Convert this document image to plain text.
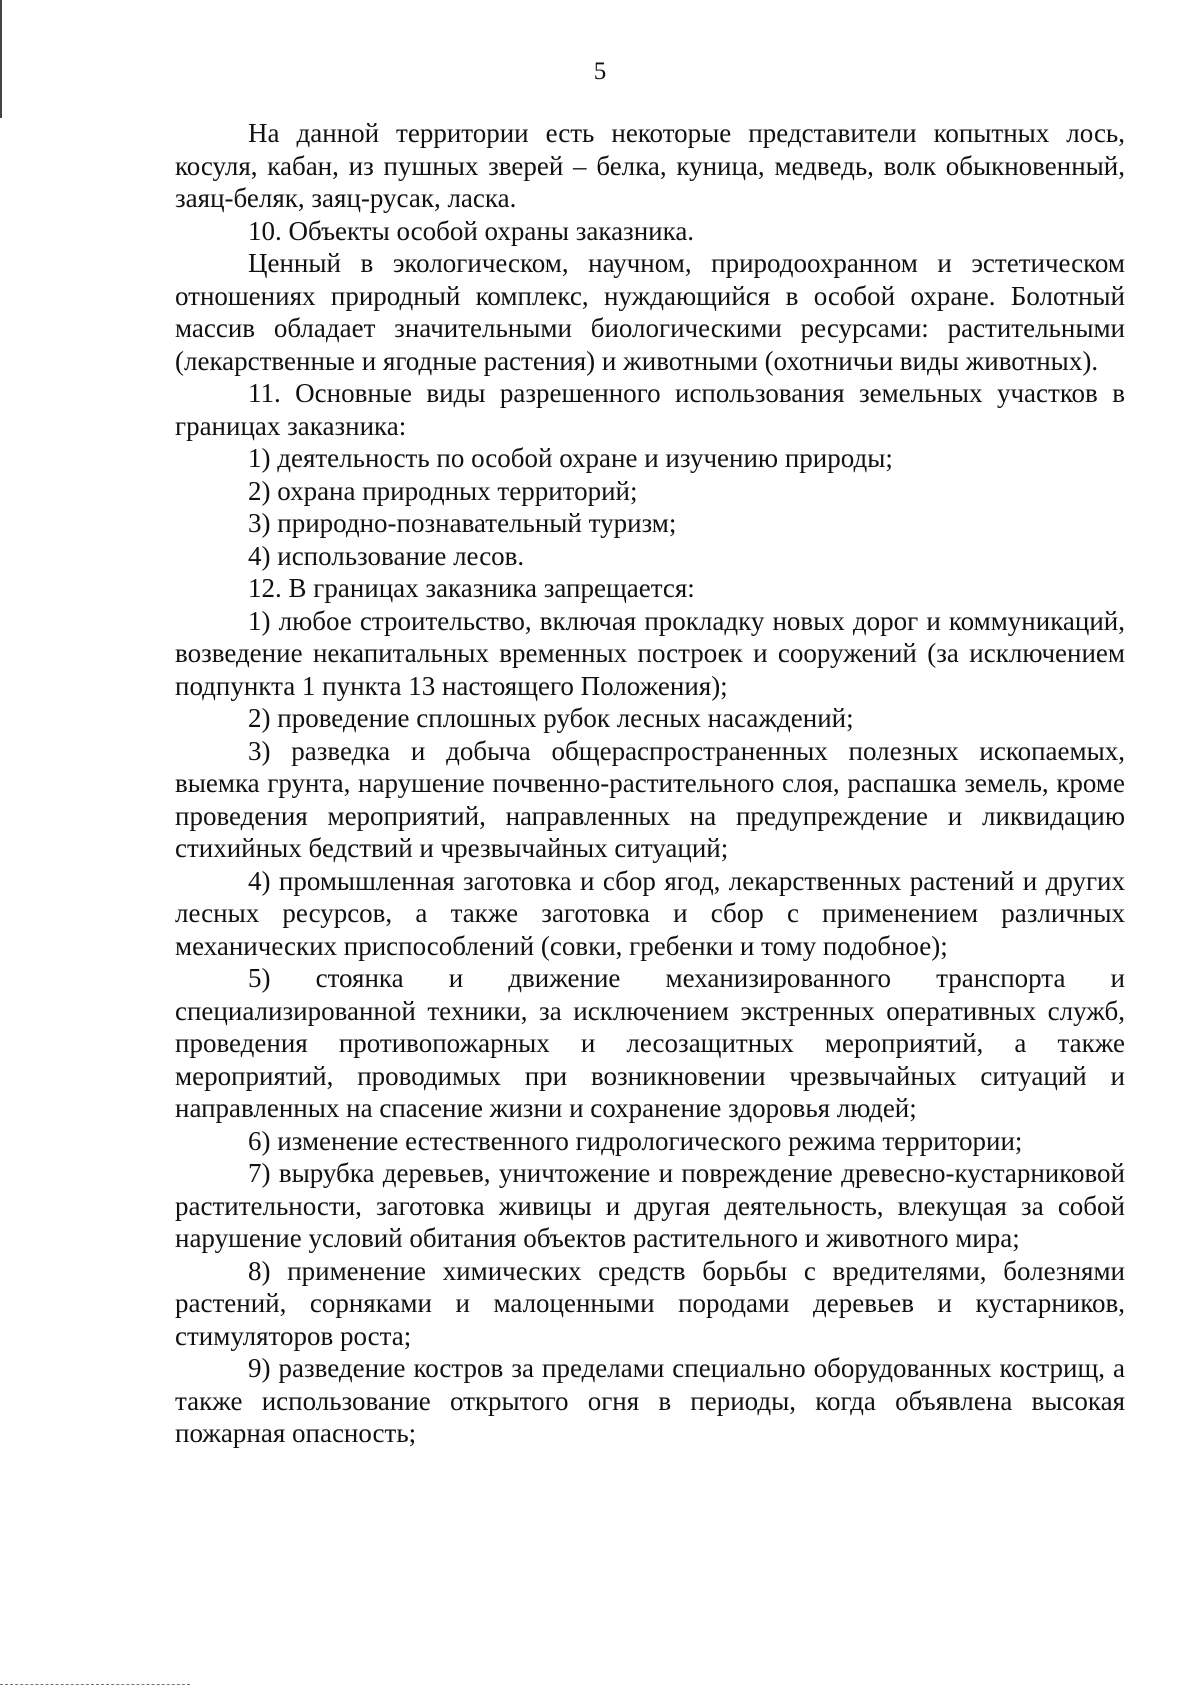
5

На данной территории есть некоторые представители копытных лось, косуля, кабан, из пушных зверей – белка, куница, медведь, волк обыкновенный, заяц-беляк, заяц-русак, ласка.

10. Объекты особой охраны заказника.

Ценный в экологическом, научном, природоохранном и эстетическом отношениях природный комплекс, нуждающийся в особой охране. Болотный массив обладает значительными биологическими ресурсами: растительными (лекарственные и ягодные растения) и животными (охотничьи виды животных).

11. Основные виды разрешенного использования земельных участков в границах заказника:

1) деятельность по особой охране и изучению природы;

2) охрана природных территорий;

3) природно-познавательный туризм;

4) использование лесов.

12. В границах заказника запрещается:

1) любое строительство, включая прокладку новых дорог и коммуникаций, возведение некапитальных временных построек и сооружений (за исключением подпункта 1 пункта 13 настоящего Положения);

2) проведение сплошных рубок лесных насаждений;

3) разведка и добыча общераспространенных полезных ископаемых, выемка грунта, нарушение почвенно-растительного слоя, распашка земель, кроме проведения мероприятий, направленных на предупреждение и ликвидацию стихийных бедствий и чрезвычайных ситуаций;

4) промышленная заготовка и сбор ягод, лекарственных растений и других лесных ресурсов, а также заготовка и сбор с применением различных механических приспособлений (совки, гребенки и тому подобное);

5) стоянка и движение механизированного транспорта и специализированной техники, за исключением экстренных оперативных служб, проведения противопожарных и лесозащитных мероприятий, а также мероприятий, проводимых при возникновении чрезвычайных ситуаций и направленных на спасение жизни и сохранение здоровья людей;

6) изменение естественного гидрологического режима территории;

7) вырубка деревьев, уничтожение и повреждение древесно-кустарниковой растительности, заготовка живицы и другая деятельность, влекущая за собой нарушение условий обитания объектов растительного и животного мира;

8) применение химических средств борьбы с вредителями, болезнями растений, сорняками и малоценными породами деревьев и кустарников, стимуляторов роста;

9) разведение костров за пределами специально оборудованных кострищ, а также использование открытого огня в периоды, когда объявлена высокая пожарная опасность;
